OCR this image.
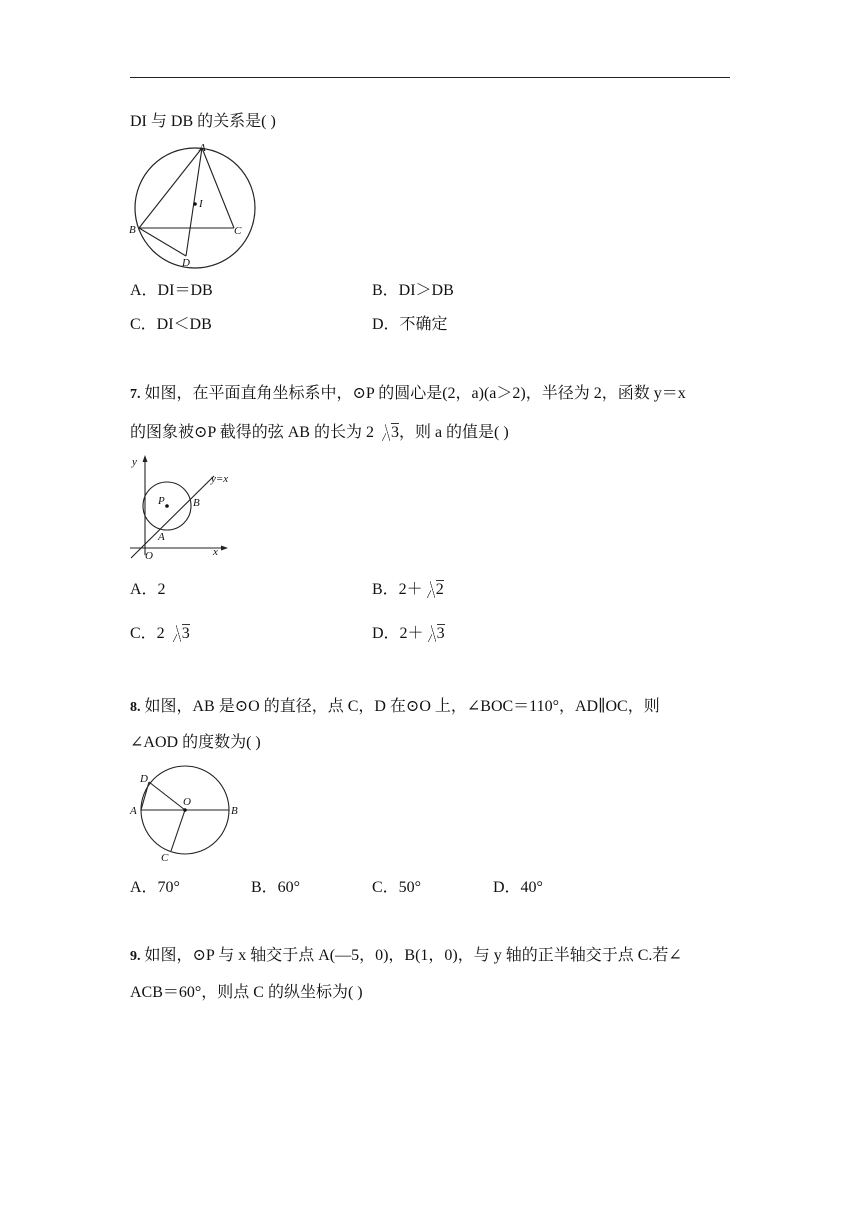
DI 与 DB 的关系是( )
A
B	C
D
I
A．DI＝DB	B．DI＞DB
C．DI＜DB	D．不确定
7. 如图，在平面直角坐标系中，⊙P 的圆心是(2，a)(a＞2)，半径为 2，函数 y＝x
的图象被⊙P 截得的弦 AB 的长为 2 3，则 a 的值是( )
y
y=x
P	B
A
O	x
A．2	B．2＋ 2
C．2 3	D．2＋ 3
8. 如图，AB 是⊙O 的直径，点 C，D 在⊙O 上，∠BOC＝110°，AD∥OC，则
∠AOD 的度数为( )
D
O
A	B
C
A．70°	B．60°	C．50°	D．40°
9. 如图，⊙P 与 x 轴交于点 A(—5，0)，B(1，0)，与 y 轴的正半轴交于点 C.若∠
ACB＝60°，则点 C 的纵坐标为( )
